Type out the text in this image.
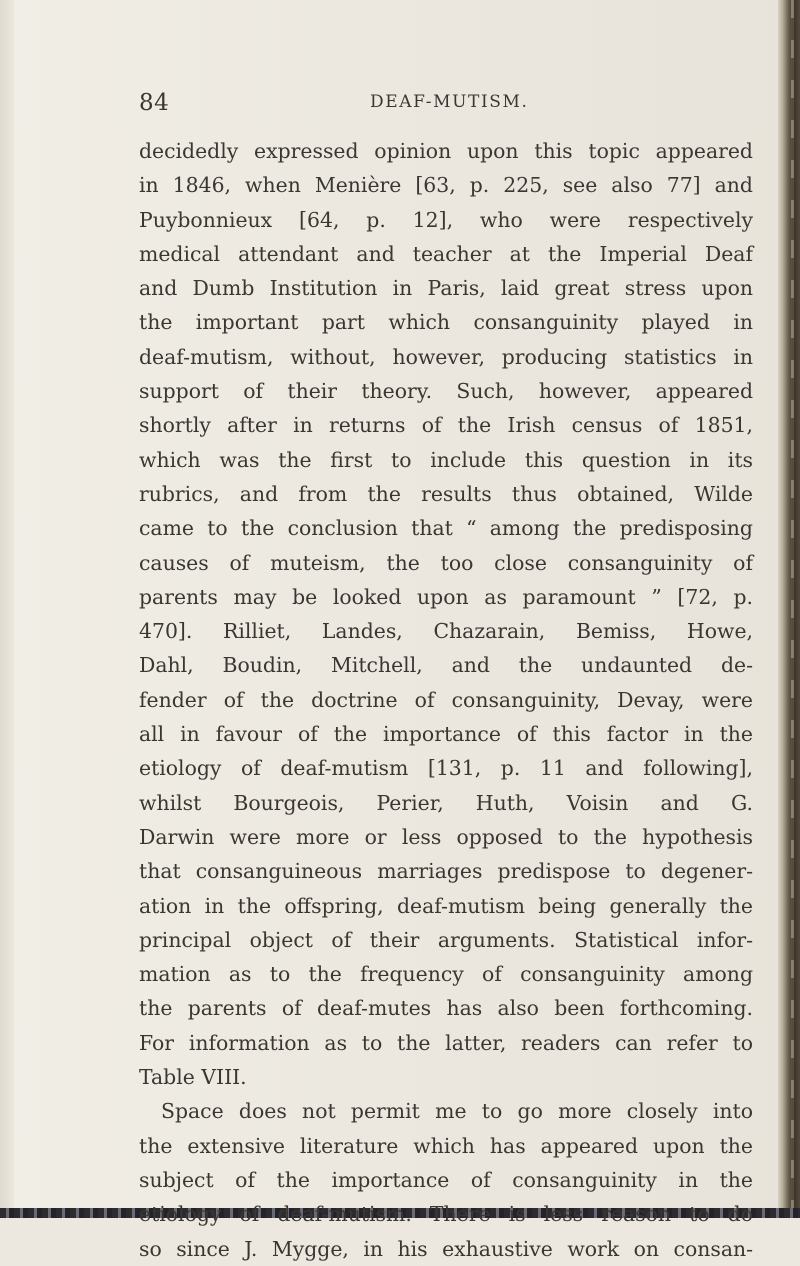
84	DEAF-MUTISM.
decidedly expressed opinion upon this topic appeared
in 1846, when Menière [63, p. 225, see also 77] and
Puybonnieux [64, p. 12], who were respectively
medical attendant and teacher at the Imperial Deaf
and Dumb Institution in Paris, laid great stress upon
the important part which consanguinity played in
deaf-mutism, without, however, producing statistics in
support of their theory. Such, however, appeared
shortly after in returns of the Irish census of 1851,
which was the first to include this question in its
rubrics, and from the results thus obtained, Wilde
came to the conclusion that “ among the predisposing
causes of muteism, the too close consanguinity of
parents may be looked upon as paramount ” [72, p.
470]. Rilliet, Landes, Chazarain, Bemiss, Howe,
Dahl, Boudin, Mitchell, and the undaunted de-
fender of the doctrine of consanguinity, Devay, were
all in favour of the importance of this factor in the
etiology of deaf-mutism [131, p. 11 and following],
whilst Bourgeois, Perier, Huth, Voisin and G.
Darwin were more or less opposed to the hypothesis
that consanguineous marriages predispose to degener-
ation in the offspring, deaf-mutism being generally the
principal object of their arguments. Statistical infor-
mation as to the frequency of consanguinity among
the parents of deaf-mutes has also been forthcoming.
For information as to the latter, readers can refer to
Table VIII.
Space does not permit me to go more closely into
the extensive literature which has appeared upon the
subject of the importance of consanguinity in the
etiology of deaf-mutism. There is less reason to do
so since J. Mygge, in his exhaustive work on consan-
